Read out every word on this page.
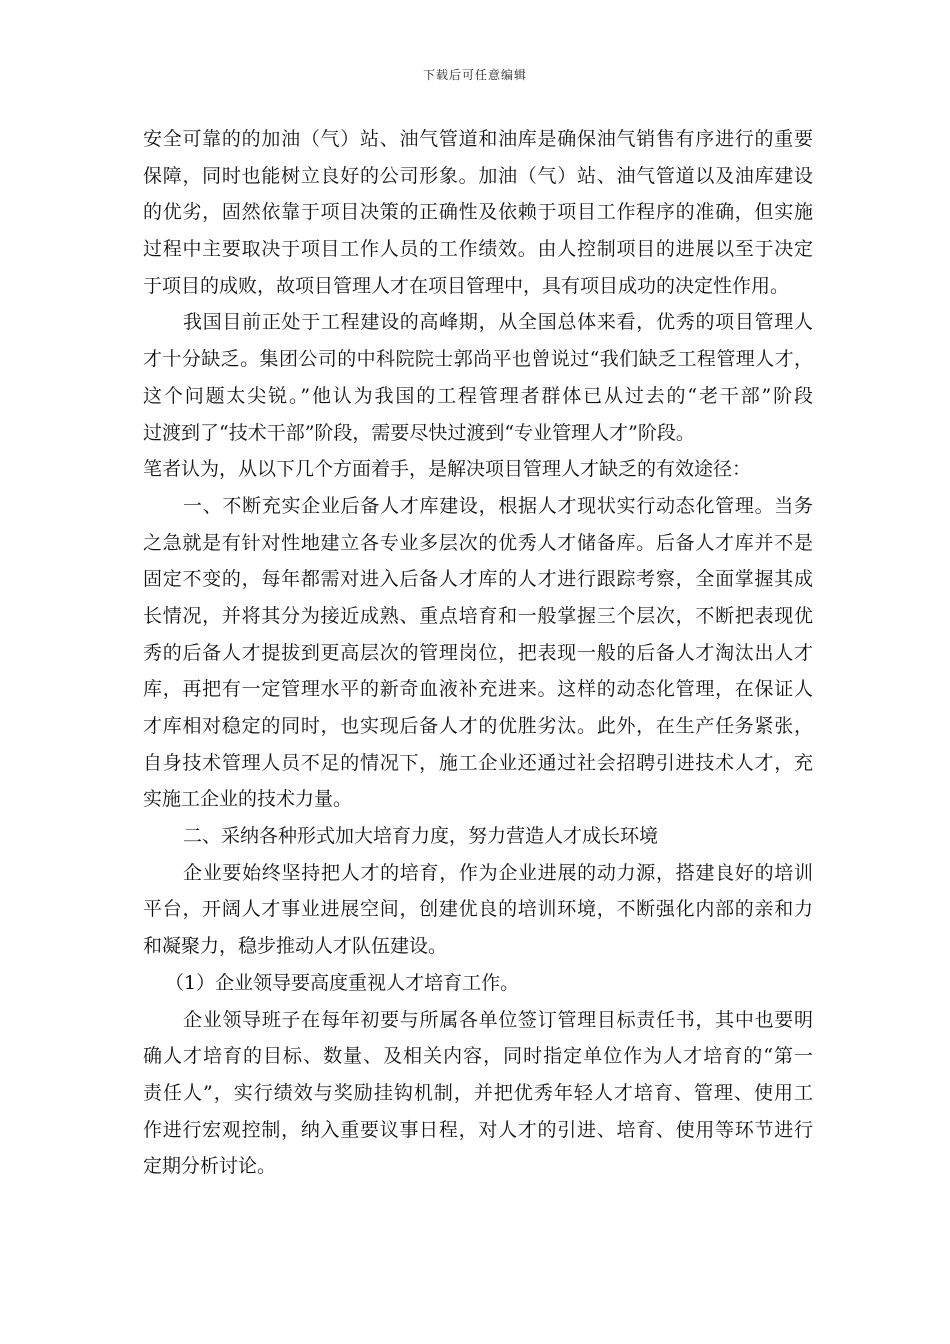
下载后可任意编辑
安全可靠的的加油（气）站、油气管道和油库是确保油气销售有序进行的重要
保障，同时也能树立良好的公司形象。加油（气）站、油气管道以及油库建设
的优劣，固然依靠于项目决策的正确性及依赖于项目工作程序的准确，但实施
过程中主要取决于项目工作人员的工作绩效。由人控制项目的进展以至于决定
于项目的成败，故项目管理人才在项目管理中，具有项目成功的决定性作用。
我国目前正处于工程建设的高峰期，从全国总体来看，优秀的项目管理人
才十分缺乏。集团公司的中科院院士郭尚平也曾说过“我们缺乏工程管理人才，
这个问题太尖锐。”他认为我国的工程管理者群体已从过去的“老干部”阶段
过渡到了“技术干部”阶段，需要尽快过渡到“专业管理人才”阶段。
笔者认为，从以下几个方面着手，是解决项目管理人才缺乏的有效途径：
一、不断充实企业后备人才库建设，根据人才现状实行动态化管理。当务
之急就是有针对性地建立各专业多层次的优秀人才储备库。后备人才库并不是
固定不变的，每年都需对进入后备人才库的人才进行跟踪考察，全面掌握其成
长情况，并将其分为接近成熟、重点培育和一般掌握三个层次，不断把表现优
秀的后备人才提拔到更高层次的管理岗位，把表现一般的后备人才淘汰出人才
库，再把有一定管理水平的新奇血液补充进来。这样的动态化管理，在保证人
才库相对稳定的同时，也实现后备人才的优胜劣汰。此外，在生产任务紧张，
自身技术管理人员不足的情况下，施工企业还通过社会招聘引进技术人才，充
实施工企业的技术力量。
二、采纳各种形式加大培育力度，努力营造人才成长环境
企业要始终坚持把人才的培育，作为企业进展的动力源，搭建良好的培训
平台，开阔人才事业进展空间，创建优良的培训环境，不断强化内部的亲和力
和凝聚力，稳步推动人才队伍建设。
（1）企业领导要高度重视人才培育工作。
企业领导班子在每年初要与所属各单位签订管理目标责任书，其中也要明
确人才培育的目标、数量、及相关内容，同时指定单位作为人才培育的“第一
责任人”，实行绩效与奖励挂钩机制，并把优秀年轻人才培育、管理、使用工
作进行宏观控制，纳入重要议事日程，对人才的引进、培育、使用等环节进行
定期分析讨论。
